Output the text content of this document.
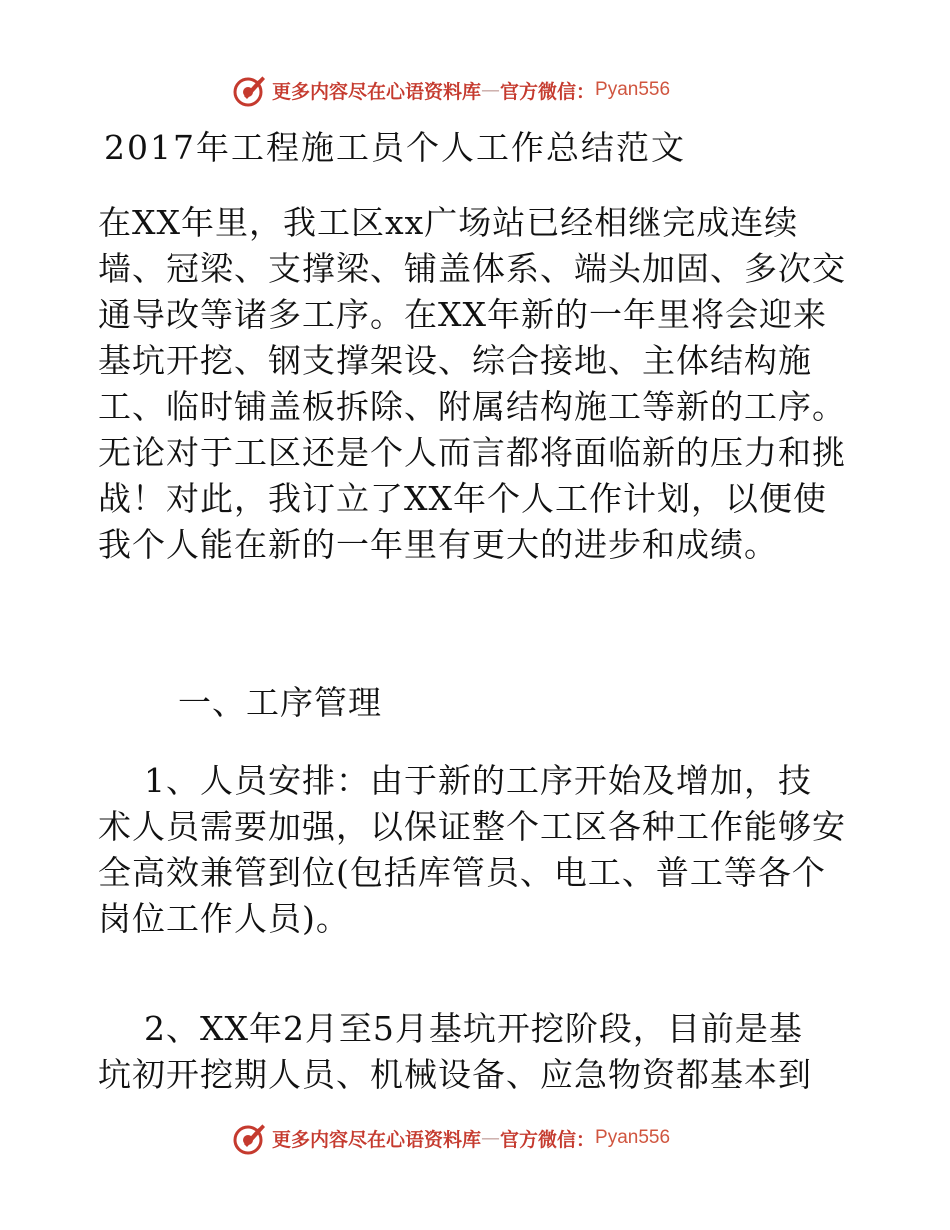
更多内容尽在心语资料库 — 官方微信： Pyan556
2017年工程施工员个人工作总结范文
在XX年里，我工区xx广场站已经相继完成连续
墙、冠梁、支撑梁、铺盖体系、端头加固、多次交
通导改等诸多工序。在XX年新的一年里将会迎来
基坑开挖、钢支撑架设、综合接地、主体结构施
工、临时铺盖板拆除、附属结构施工等新的工序。
无论对于工区还是个人而言都将面临新的压力和挑
战！对此，我订立了XX年个人工作计划，以便使
我个人能在新的一年里有更大的进步和成绩。
一、工序管理
1、人员安排：由于新的工序开始及增加，技
术人员需要加强，以保证整个工区各种工作能够安
全高效兼管到位(包括库管员、电工、普工等各个
岗位工作人员)。
2、XX年2月至5月基坑开挖阶段，目前是基
坑初开挖期人员、机械设备、应急物资都基本到
更多内容尽在心语资料库 — 官方微信： Pyan556
